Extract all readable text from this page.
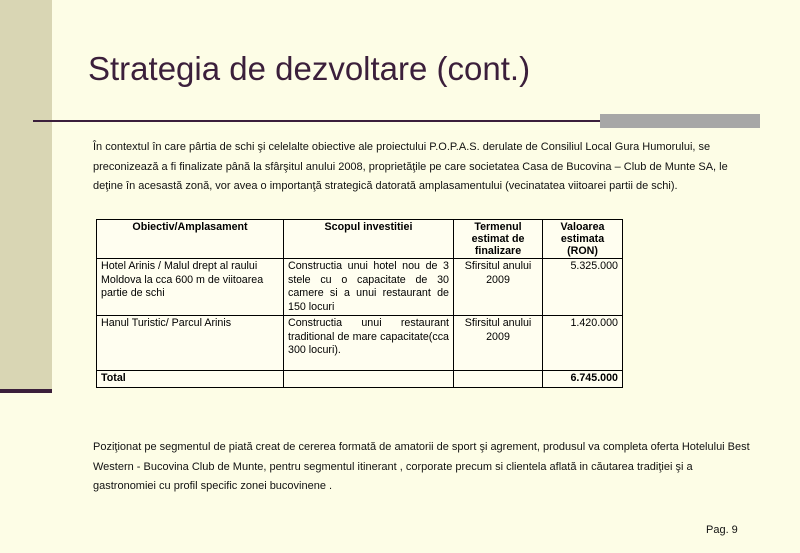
Strategia de dezvoltare (cont.)

În contextul în care pârtia de schi şi celelalte obiective ale proiectului P.O.P.A.S. derulate de Consiliul Local Gura Humorului, se preconizează a fi finalizate până la sfârşitul anului 2008, proprietăţile pe care societatea Casa de Bucovina – Club de Munte SA, le deţine în acesastă zonă, vor avea o importanţă strategică datorată amplasamentului (vecinatatea viitoarei partii de schi).

Obiectiv/Amplasament	Scopul investitiei	Termenul estimat de finalizare	Valoarea estimata (RON)
Hotel Arinis / Malul drept al raului Moldova la cca 600 m de viitoarea partie de schi	Constructia unui hotel nou de 3 stele cu o capacitate de 30 camere si a unui restaurant de 150 locuri	Sfirsitul anului 2009	5.325.000
Hanul Turistic/ Parcul Arinis	Constructia unui restaurant traditional de mare capacitate(cca 300 locuri).	Sfirsitul anului 2009	1.420.000
Total			6.745.000

Poziţionat pe segmentul de piată creat de cererea formată de amatorii de sport şi agrement, produsul va completa oferta Hotelului Best Western - Bucovina Club de Munte, pentru segmentul itinerant , corporate precum si clientela aflată in căutarea tradiţiei şi a gastronomiei cu profil specific zonei bucovinene .

Pag. 9
